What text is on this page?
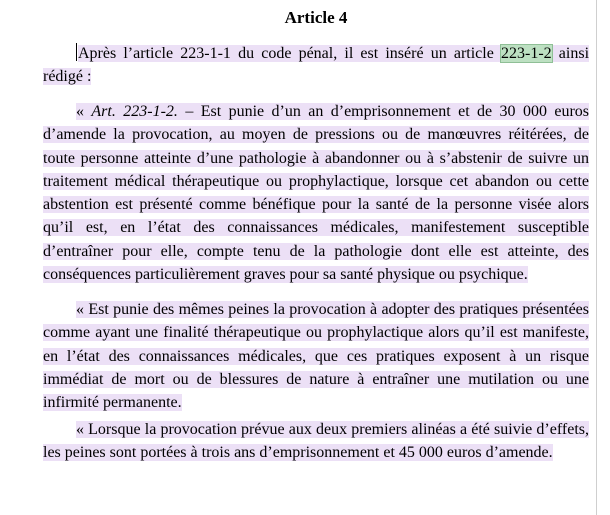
Article 4
Après l’article 223-1-1 du code pénal, il est inséré un article 223-1-2 ainsi rédigé :
« Art. 223-1-2. – Est punie d’un an d’emprisonnement et de 30 000 euros d’amende la provocation, au moyen de pressions ou de manœuvres réitérées, de toute personne atteinte d’une pathologie à abandonner ou à s’abstenir de suivre un traitement médical thérapeutique ou prophylactique, lorsque cet abandon ou cette abstention est présenté comme bénéfique pour la santé de la personne visée alors qu’il est, en l’état des connaissances médicales, manifestement susceptible d’entraîner pour elle, compte tenu de la pathologie dont elle est atteinte, des conséquences particulièrement graves pour sa santé physique ou psychique.
« Est punie des mêmes peines la provocation à adopter des pratiques présentées comme ayant une finalité thérapeutique ou prophylactique alors qu’il est manifeste, en l’état des connaissances médicales, que ces pratiques exposent à un risque immédiat de mort ou de blessures de nature à entraîner une mutilation ou une infirmité permanente.
« Lorsque la provocation prévue aux deux premiers alinéas a été suivie d’effets, les peines sont portées à trois ans d’emprisonnement et 45 000 euros d’amende.
